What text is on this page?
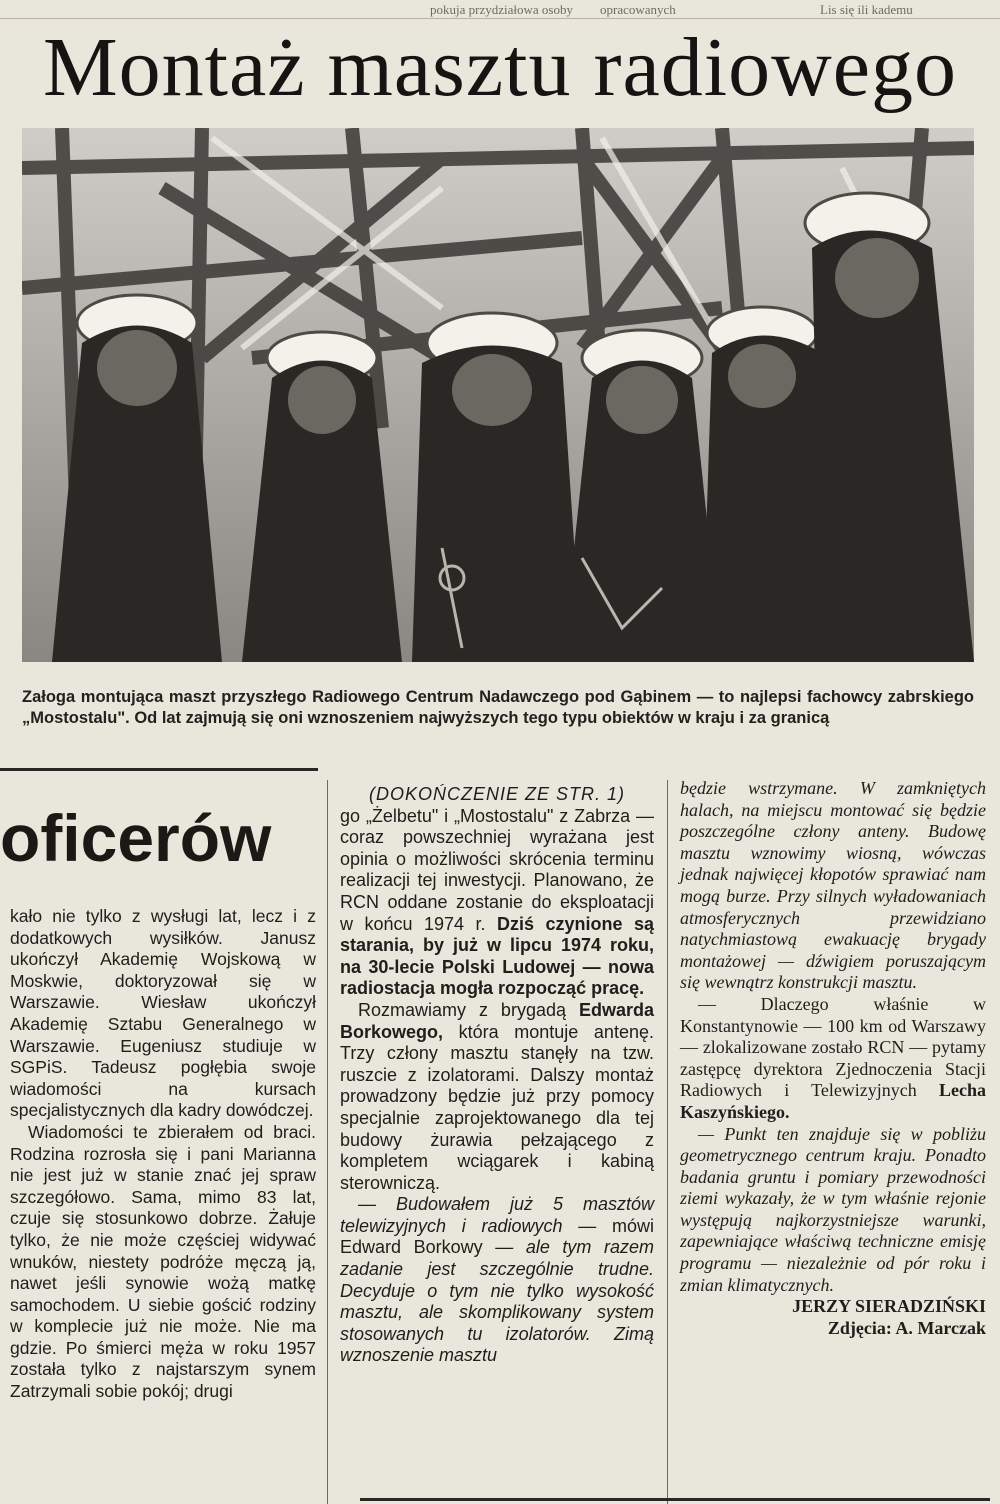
pokuja przydziałowa osoby opracowanych	Lis się ili kademu
Montaż masztu radiowego
Załoga montująca maszt przyszłego Radiowego Centrum Nadawczego pod Gąbinem — to najlepsi fachowcy zabrskiego „Mostostalu". Od lat zajmują się oni wznoszeniem najwyższych tego typu obiektów w kraju i za granicą
oficerów

kało nie tylko z wysługi lat, lecz i z dodatkowych wysiłków. Janusz ukończył Akademię Wojskową w Moskwie, doktoryzował się w Warszawie. Wiesław ukończył Akademię Sztabu Generalnego w Warszawie. Eugeniusz studiuje w SGPiS. Tadeusz pogłębia swoje wiadomości na kursach specjalistycznych dla kadry dowódczej.

Wiadomości te zbierałem od braci. Rodzina rozrosła się i pani Marianna nie jest już w stanie znać jej spraw szczegółowo. Sama, mimo 83 lat, czuje się stosunkowo dobrze. Żałuje tylko, że nie może częściej widywać wnuków, niestety podróże męczą ją, nawet jeśli synowie wożą matkę samochodem. U siebie gościć rodziny w komplecie już nie może. Nie ma gdzie. Po śmierci męża w roku 1957 została tylko z najstarszym synem Zatrzymali sobie pokój; drugi

(DOKOŃCZENIE ZE STR. 1)

go „Żelbetu" i „Mostostalu" z Zabrza — coraz powszechniej wyrażana jest opinia o możliwości skrócenia terminu realizacji tej inwestycji. Planowano, że RCN oddane zostanie do eksploatacji w końcu 1974 r. Dziś czynione są starania, by już w lipcu 1974 roku, na 30-lecie Polski Ludowej — nowa radiostacja mogła rozpocząć pracę.

Rozmawiamy z brygadą Edwarda Borkowego, która montuje antenę. Trzy człony masztu stanęły na tzw. ruszcie z izolatorami. Dalszy montaż prowadzony będzie już przy pomocy specjalnie zaprojektowanego dla tej budowy żurawia pełzającego z kompletem wciągarek i kabiną sterowniczą.

— Budowałem już 5 masztów telewizyjnych i radiowych — mówi Edward Borkowy — ale tym razem zadanie jest szczególnie trudne. Decyduje o tym nie tylko wysokość masztu, ale skomplikowany system stosowanych tu izolatorów. Zimą wznoszenie masztu

będzie wstrzymane. W zamkniętych halach, na miejscu montować się będzie poszczególne człony anteny. Budowę masztu wznowimy wiosną, wówczas jednak najwięcej kłopotów sprawiać nam mogą burze. Przy silnych wyładowaniach atmosferycznych przewidziano natychmiastową ewakuację brygady montażowej — dźwigiem poruszającym się wewnątrz konstrukcji masztu.

— Dlaczego właśnie w Konstantynowie — 100 km od Warszawy — zlokalizowane zostało RCN — pytamy zastępcę dyrektora Zjednoczenia Stacji Radiowych i Telewizyjnych Lecha Kaszyńskiego.

— Punkt ten znajduje się w pobliżu geometrycznego centrum kraju. Ponadto badania gruntu i pomiary przewodności ziemi wykazały, że w tym właśnie rejonie występują najkorzystniejsze warunki, zapewniające właściwą techniczne emisję programu — niezależnie od pór roku i zmian klimatycznych.

JERZY SIERADZIŃSKI

Zdjęcia: A. Marczak
